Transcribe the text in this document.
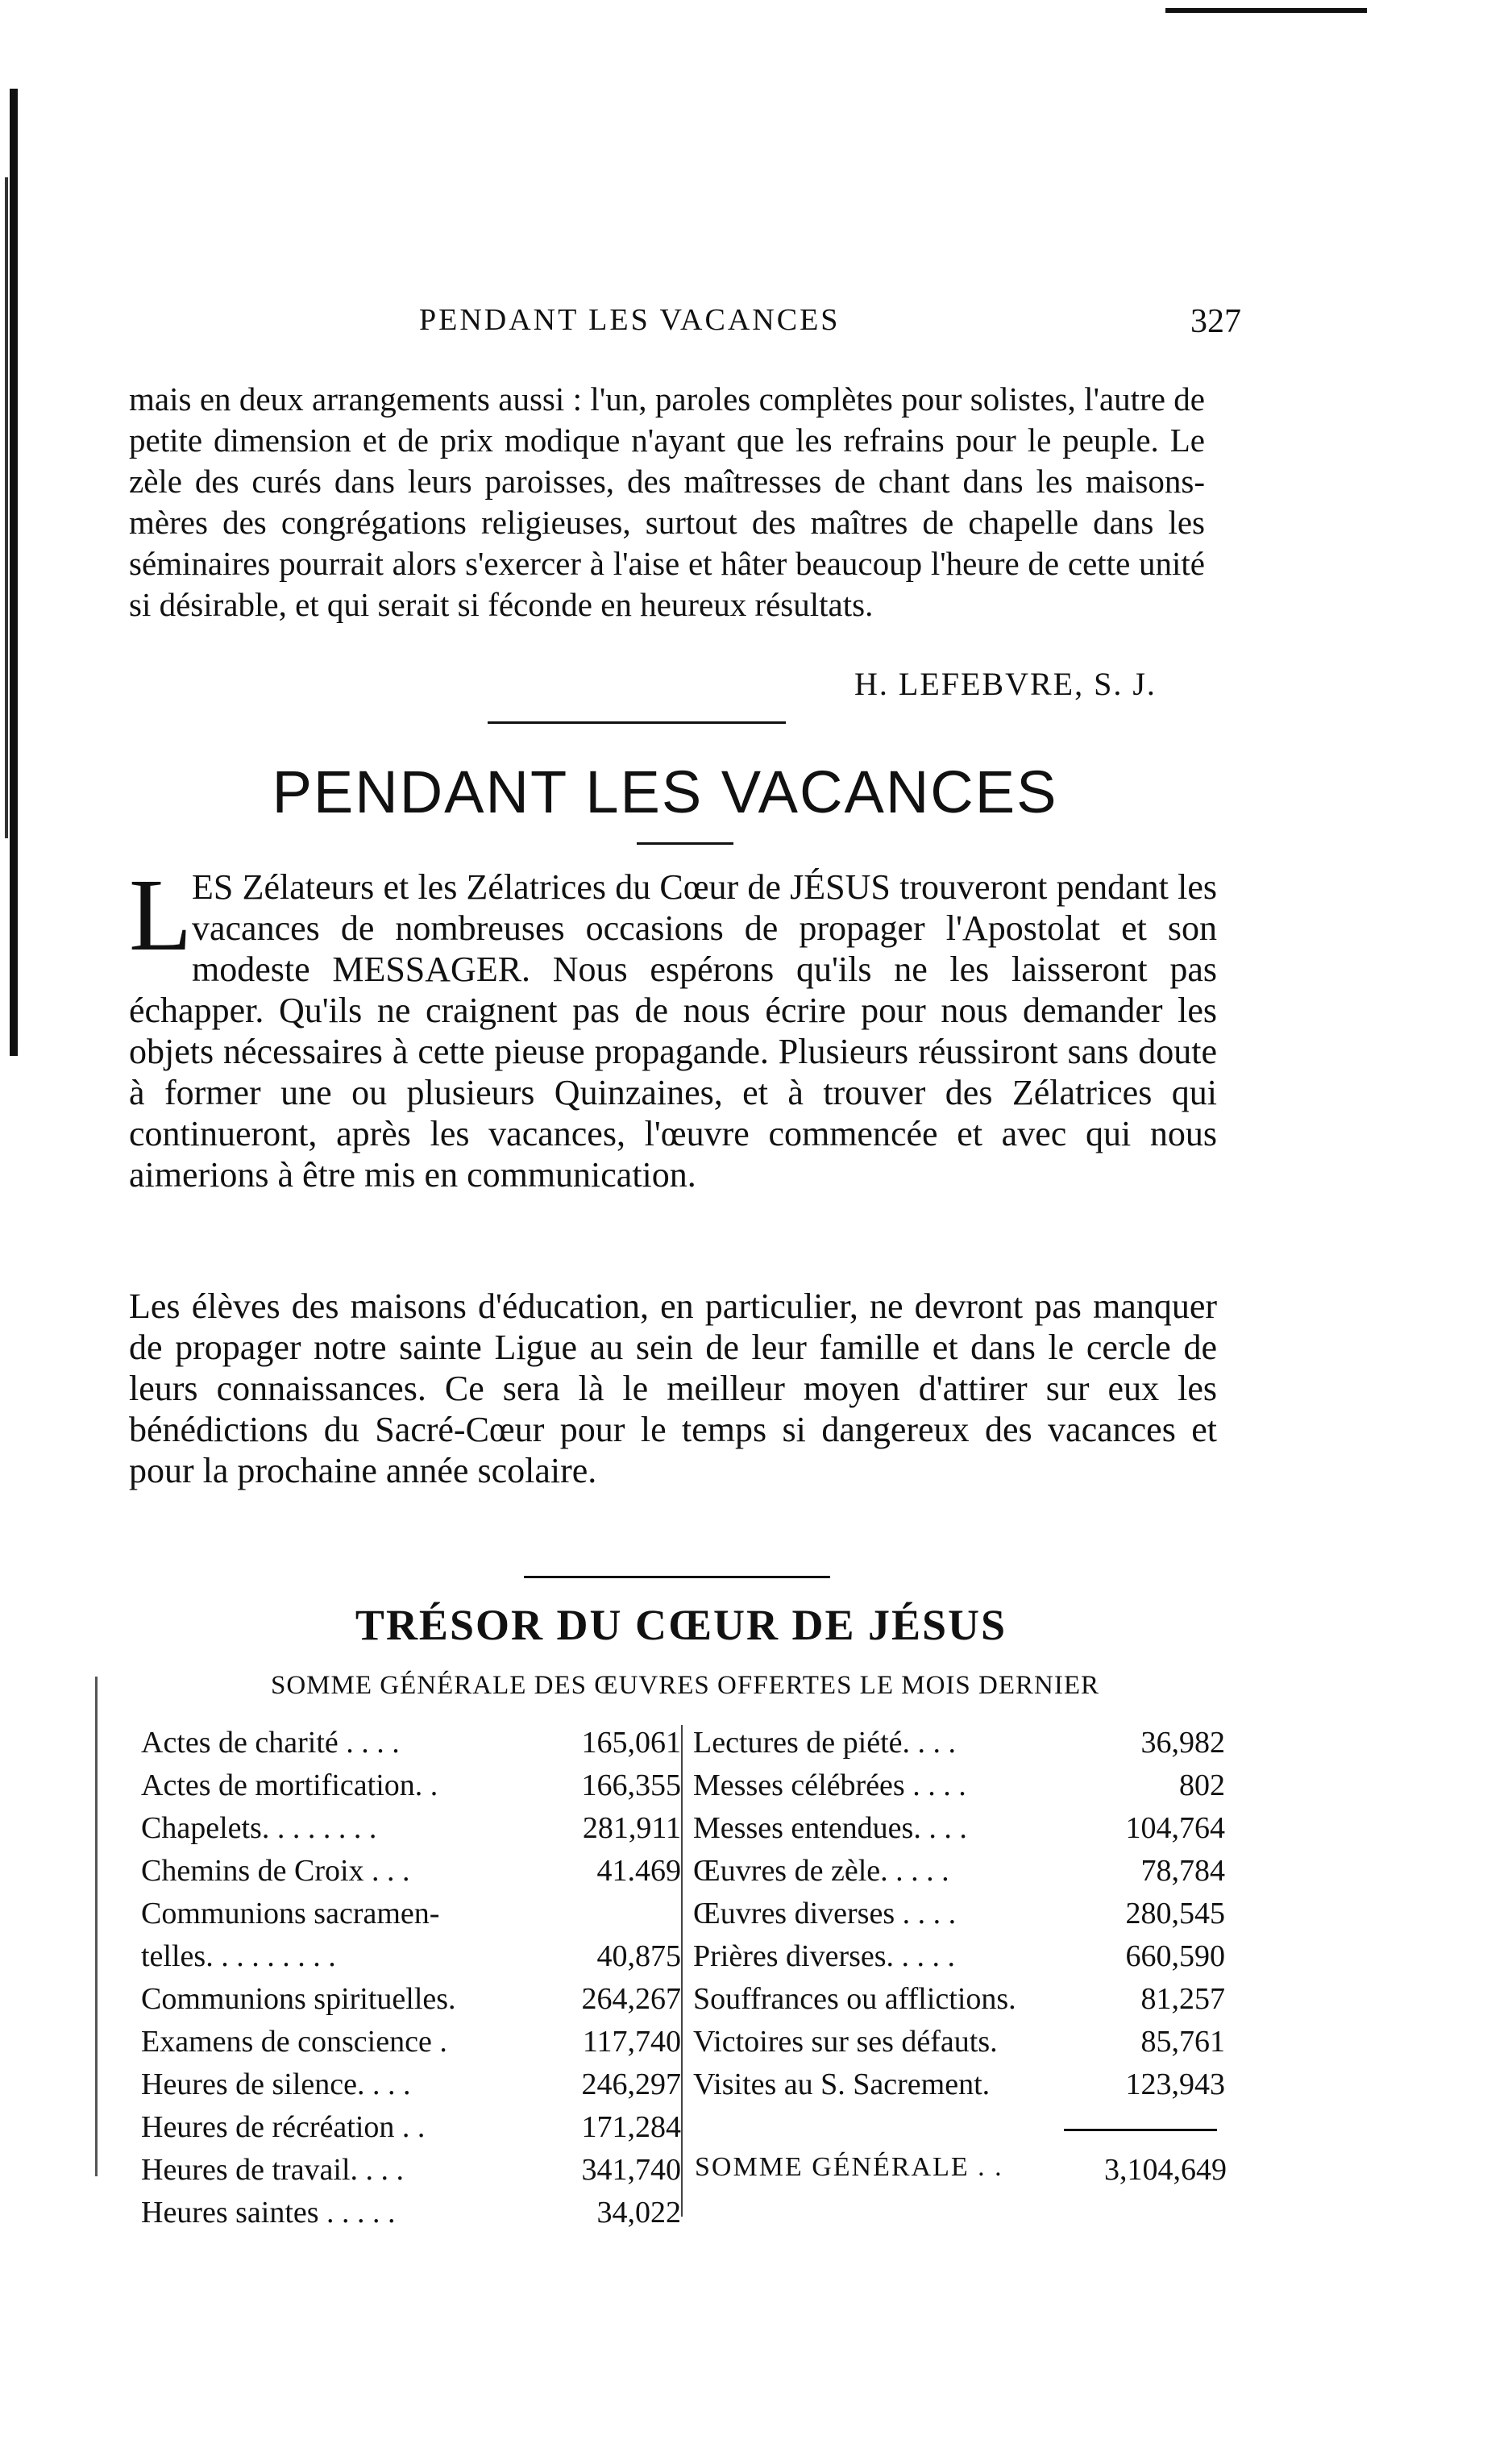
PENDANT LES VACANCES	327

mais en deux arrangements aussi : l'un, paroles complètes pour solistes, l'autre de petite dimension et de prix modique n'ayant que les refrains pour le peuple. Le zèle des curés dans leurs paroisses, des maîtresses de chant dans les maisons-mères des congrégations religieuses, surtout des maîtres de chapelle dans les séminaires pourrait alors s'exercer à l'aise et hâter beaucoup l'heure de cette unité si désirable, et qui serait si féconde en heureux résultats.

H. LEFEBVRE, S. J.
PENDANT LES VACANCES
L ES Zélateurs et les Zélatrices du Cœur de JÉSUS trouveront pendant les vacances de nombreuses occasions de propager l'Apostolat et son modeste MESSAGER. Nous espérons qu'ils ne les laisseront pas échapper. Qu'ils ne craignent pas de nous écrire pour nous demander les objets nécessaires à cette pieuse propagande. Plusieurs réussiront sans doute à former une ou plusieurs Quinzaines, et à trouver des Zélatrices qui continueront, après les vacances, l'œuvre commencée et avec qui nous aimerions à être mis en communication.

Les élèves des maisons d'éducation, en particulier, ne devront pas manquer de propager notre sainte Ligue au sein de leur famille et dans le cercle de leurs connaissances. Ce sera là le meilleur moyen d'attirer sur eux les bénédictions du Sacré-Cœur pour le temps si dangereux des vacances et pour la prochaine année scolaire.

TRÉSOR DU CŒUR DE JÉSUS
SOMME GÉNÉRALE DES ŒUVRES OFFERTES LE MOIS DERNIER
Actes de charité . . . .	165,061
Actes de mortification. .	166,355
Chapelets. . . . . . . .	281,911
Chemins de Croix . . .	41.469
Communions sacramen-
telles. . . . . . . . .	40,875
Communions spirituelles.	264,267
Examens de conscience .	117,740
Heures de silence. . . .	246,297
Heures de récréation . .	171,284
Heures de travail. . . .	341,740
Heures saintes . . . . .	34,022
Lectures de piété. . . .	36,982
Messes célébrées . . . .	802
Messes entendues. . . .	104,764
Œuvres de zèle. . . . .	78,784
Œuvres diverses . . . .	280,545
Prières diverses. . . . .	660,590
Souffrances ou afflictions.	81,257
Victoires sur ses défauts.	85,761
Visites au S. Sacrement.	123,943
SOMME GÉNÉRALE . .	3,104,649
